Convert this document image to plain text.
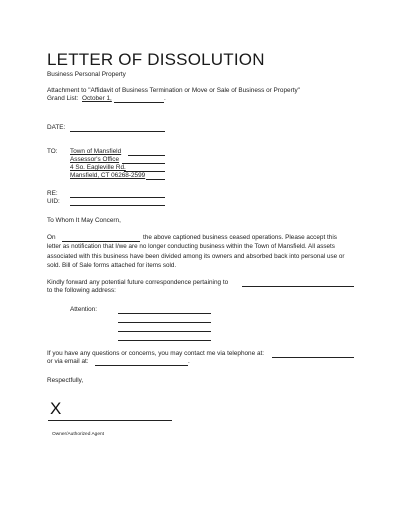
LETTER OF DISSOLUTION
Business Personal Property
Attachment to "Affidavit of Business Termination or Move or Sale of Business or Property"
Grand List: October 1,	.
DATE:
TO: Town of Mansfield
Assessor's Office
4 So. Eagleville Rd.
Mansfield, CT 06268-2599
RE:
UID:
To Whom It May Concern,
On	the above captioned business ceased operations. Please accept this
letter as notification that I/we are no longer conducting business within the Town of Mansfield. All assets associated with this business have been divided among its owners and absorbed back into personal use or sold. Bill of Sale forms attached for items sold.
Kindly forward any potential future correspondence pertaining to
to the following address:
Attention:
If you have any questions or concerns, you may contact me via telephone at:
or via email at:	.
Respectfully,
X
Owner/Authorized Agent
